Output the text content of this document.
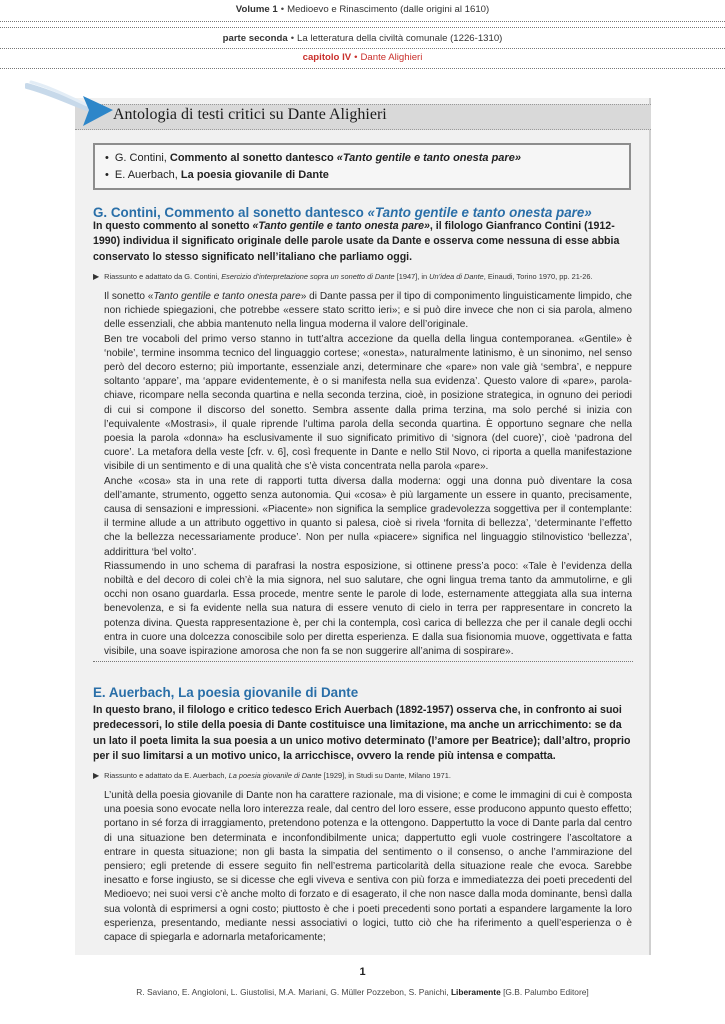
Volume 1 • Medioevo e Rinascimento (dalle origini al 1610)
parte seconda • La letteratura della civiltà comunale (1226-1310)
capitolo IV • Dante Alighieri
Antologia di testi critici su Dante Alighieri
• G. Contini, Commento al sonetto dantesco «Tanto gentile e tanto onesta pare»
• E. Auerbach, La poesia giovanile di Dante
G. Contini, Commento al sonetto dantesco «Tanto gentile e tanto onesta pare»
In questo commento al sonetto «Tanto gentile e tanto onesta pare», il filologo Gianfranco Contini (1912-1990) individua il significato originale delle parole usate da Dante e osserva come nessuna di esse abbia conservato lo stesso significato nell’italiano che parliamo oggi.
▶ Riassunto e adattato da G. Contini, Esercizio d’interpretazione sopra un sonetto di Dante [1947], in Un’idea di Dante, Einaudi, Torino 1970, pp. 21-26.

Il sonetto «Tanto gentile e tanto onesta pare» di Dante passa per il tipo di componimento linguisticamente limpido, che non richiede spiegazioni, che potrebbe «essere stato scritto ieri»; e si può dire invece che non ci sia parola, almeno delle essenziali, che abbia mantenuto nella lingua moderna il valore dell’originale.

Ben tre vocaboli del primo verso stanno in tutt’altra accezione da quella della lingua contemporanea. «Gentile» è ‘nobile’, termine insomma tecnico del linguaggio cortese; «onesta», naturalmente latinismo, è un sinonimo, nel senso però del decoro esterno; più importante, essenziale anzi, determinare che «pare» non vale già ‘sembra’, e neppure soltanto ‘appare’, ma ‘appare evidentemente, è o si manifesta nella sua evidenza’. Questo valore di «pare», parola-chiave, ricompare nella seconda quartina e nella seconda terzina, cioè, in posizione strategica, in ognuno dei periodi di cui si compone il discorso del sonetto. Sembra assente dalla prima terzina, ma solo perché si inizia con l’equivalente «Mostrasi», il quale riprende l’ultima parola della seconda quartina. È opportuno segnare che nella poesia la parola «donna» ha esclusivamente il suo significato primitivo di ‘signora (del cuore)’, cioè ‘padrona del cuore’. La metafora della veste [cfr. v. 6], così frequente in Dante e nello Stil Novo, ci riporta a quella manifestazione visibile di un sentimento e di una qualità che s’è vista concentrata nella parola «pare».

Anche «cosa» sta in una rete di rapporti tutta diversa dalla moderna: oggi una donna può diventare la cosa dell’amante, strumento, oggetto senza autonomia. Qui «cosa» è più largamente un essere in quanto, precisamente, causa di sensazioni e impressioni. «Piacente» non significa la semplice gradevolezza soggettiva per il contemplante: il termine allude a un attributo oggettivo in quanto si palesa, cioè si rivela ‘fornita di bellezza’, ‘determinante l’effetto che la bellezza necessariamente produce’. Non per nulla «piacere» significa nel linguaggio stilnovistico ‘bellezza’, addirittura ‘bel volto’.

Riassumendo in uno schema di parafrasi la nostra esposizione, si ottinene press’a poco: «Tale è l’evidenza della nobiltà e del decoro di colei ch’è la mia signora, nel suo salutare, che ogni lingua trema tanto da ammutolirne, e gli occhi non osano guardarla. Essa procede, mentre sente le parole di lode, esternamente atteggiata alla sua interna benevolenza, e si fa evidente nella sua natura di essere venuto di cielo in terra per rappresentare in concreto la potenza divina. Questa rappresentazione è, per chi la contempla, così carica di bellezza che per il canale degli occhi entra in cuore una dolcezza conoscibile solo per diretta esperienza. E dalla sua fisionomia muove, oggettivata e fatta visibile, una soave ispirazione amorosa che non fa se non suggerire all’anima di sospirare».

E. Auerbach, La poesia giovanile di Dante
In questo brano, il filologo e critico tedesco Erich Auerbach (1892-1957) osserva che, in confronto ai suoi predecessori, lo stile della poesia di Dante costituisce una limitazione, ma anche un arricchimento: se da un lato il poeta limita la sua poesia a un unico motivo determinato (l’amore per Beatrice); dall’altro, proprio per il suo limitarsi a un motivo unico, la arricchisce, ovvero la rende più intensa e compatta.
▶ Riassunto e adattato da E. Auerbach, La poesia giovanile di Dante [1929], in Studi su Dante, Milano 1971.

L’unità della poesia giovanile di Dante non ha carattere razionale, ma di visione; e come le immagini di cui è composta una poesia sono evocate nella loro interezza reale, dal centro del loro essere, esse producono appunto questo effetto; portano in sé forza di irraggiamento, pretendono potenza e la ottengono. Dappertutto la voce di Dante parla dal centro di una situazione ben determinata e inconfondibilmente unica; dappertutto egli vuole costringere l’ascoltatore a entrare in questa situazione; non gli basta la simpatia del sentimento o il consenso, o anche l’ammirazione del pensiero; egli pretende di essere seguito fin nell’estrema particolarità della situazione reale che evoca. Sarebbe inesatto e forse ingiusto, se si dicesse che egli viveva e sentiva con più forza e immediatezza dei poeti precedenti del Medioevo; nei suoi versi c’è anche molto di forzato e di esagerato, il che non nasce dalla moda dominante, bensì dalla sua volontà di esprimersi a ogni costo; piuttosto è che i poeti precedenti sono portati a espandere largamente la loro esperienza, presentando, mediante nessi associativi o logici, tutto ciò che ha riferimento a quell’esperienza o è capace di spiegarla e adornarla metaforicamente;

1
R. Saviano, E. Angioloni, L. Giustolisi, M.A. Mariani, G. Müller Pozzebon, S. Panichi, Liberamente [G.B. Palumbo Editore]
